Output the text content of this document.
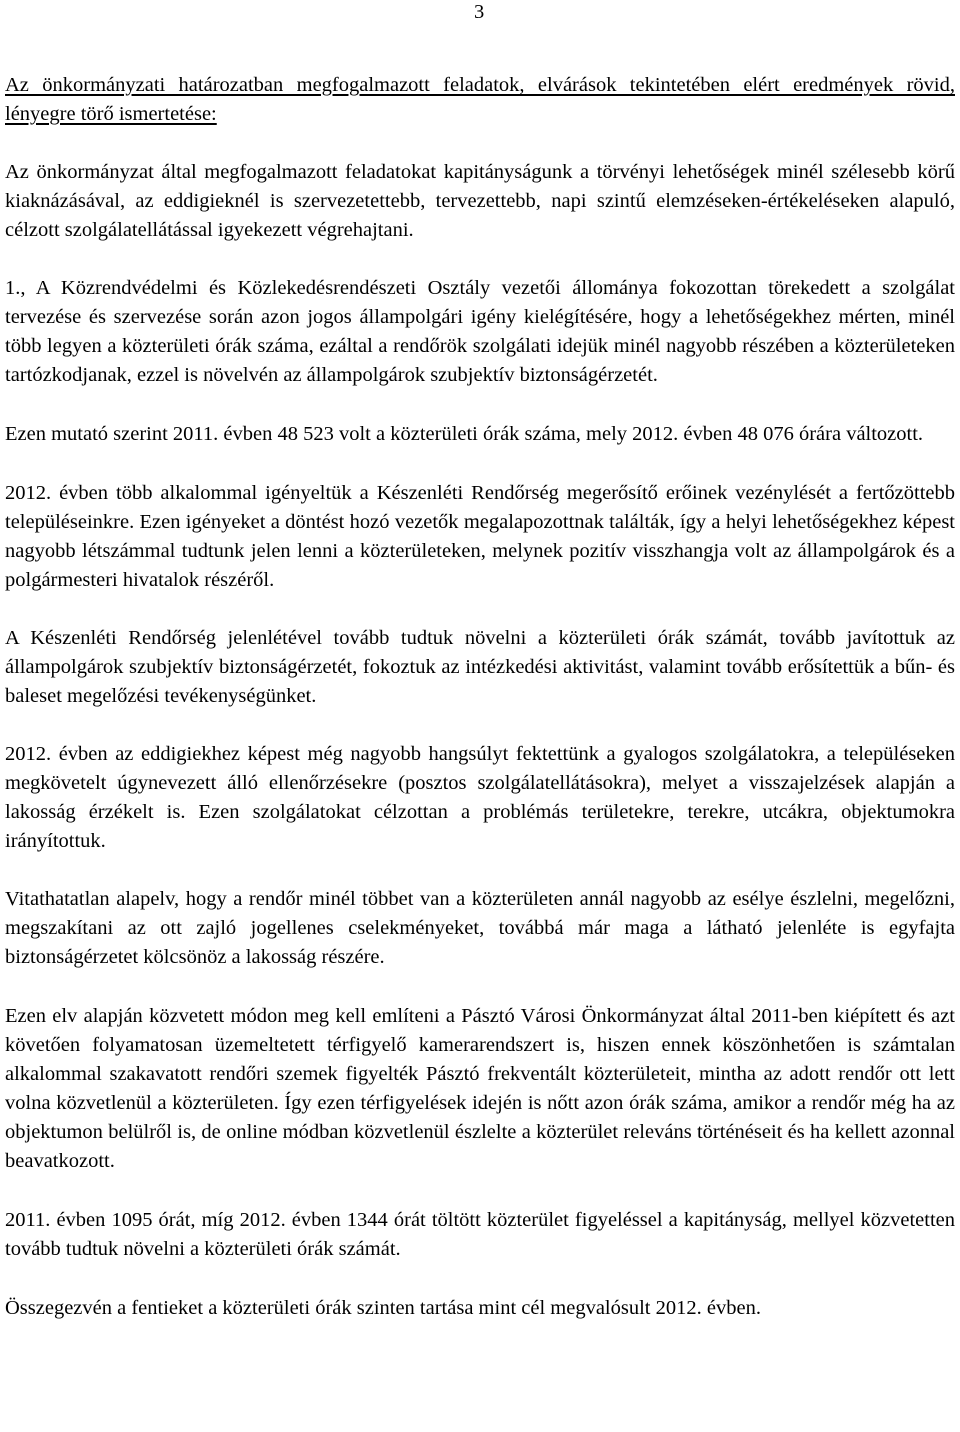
3

Az önkormányzati határozatban megfogalmazott feladatok, elvárások tekintetében elért eredmények rövid, lényegre törő ismertetése:

Az önkormányzat által megfogalmazott feladatokat kapitányságunk a törvényi lehetőségek minél szélesebb körű kiaknázásával, az eddigieknél is szervezetettebb, tervezettebb, napi szintű elemzéseken-értékeléseken alapuló, célzott szolgálatellátással igyekezett végrehajtani.

1., A Közrendvédelmi és Közlekedésrendészeti Osztály vezetői állománya fokozottan törekedett a szolgálat tervezése és szervezése során azon jogos állampolgári igény kielégítésére, hogy a lehetőségekhez mérten, minél több legyen a közterületi órák száma, ezáltal a rendőrök szolgálati idejük minél nagyobb részében a közterületeken tartózkodjanak, ezzel is növelvén az állampolgárok szubjektív biztonságérzetét.

Ezen mutató szerint 2011. évben 48 523 volt a közterületi órák száma, mely 2012. évben 48 076 órára változott.

2012. évben több alkalommal igényeltük a Készenléti Rendőrség megerősítő erőinek vezénylését a fertőzöttebb településeinkre. Ezen igényeket a döntést hozó vezetők megalapozottnak találták, így a helyi lehetőségekhez képest nagyobb létszámmal tudtunk jelen lenni a közterületeken, melynek pozitív visszhangja volt az állampolgárok és a polgármesteri hivatalok részéről.

A Készenléti Rendőrség jelenlétével tovább tudtuk növelni a közterületi órák számát, tovább javítottuk az állampolgárok szubjektív biztonságérzetét, fokoztuk az intézkedési aktivitást, valamint tovább erősítettük a bűn- és baleset megelőzési tevékenységünket.

2012. évben az eddigiekhez képest még nagyobb hangsúlyt fektettünk a gyalogos szolgálatokra, a településeken megkövetelt úgynevezett álló ellenőrzésekre (posztos szolgálatellátásokra), melyet a visszajelzések alapján a lakosság érzékelt is. Ezen szolgálatokat célzottan a problémás területekre, terekre, utcákra, objektumokra irányítottuk.

Vitathatatlan alapelv, hogy a rendőr minél többet van a közterületen annál nagyobb az esélye észlelni, megelőzni, megszakítani az ott zajló jogellenes cselekményeket, továbbá már maga a látható jelenléte is egyfajta biztonságérzetet kölcsönöz a lakosság részére.

Ezen elv alapján közvetett módon meg kell említeni a Pásztó Városi Önkormányzat által 2011-ben kiépített és azt követően folyamatosan üzemeltetett térfigyelő kamerarendszert is, hiszen ennek köszönhetően is számtalan alkalommal szakavatott rendőri szemek figyelték Pásztó frekventált közterületeit, mintha az adott rendőr ott lett volna közvetlenül a közterületen. Így ezen térfigyelések idején is nőtt azon órák száma, amikor a rendőr még ha az objektumon belülről is, de online módban közvetlenül észlelte a közterület releváns történéseit és ha kellett azonnal beavatkozott.

2011. évben 1095 órát, míg 2012. évben 1344 órát töltött közterület figyeléssel a kapitányság, mellyel közvetetten tovább tudtuk növelni a közterületi órák számát.

Összegezvén a fentieket a közterületi órák szinten tartása mint cél megvalósult 2012. évben.
